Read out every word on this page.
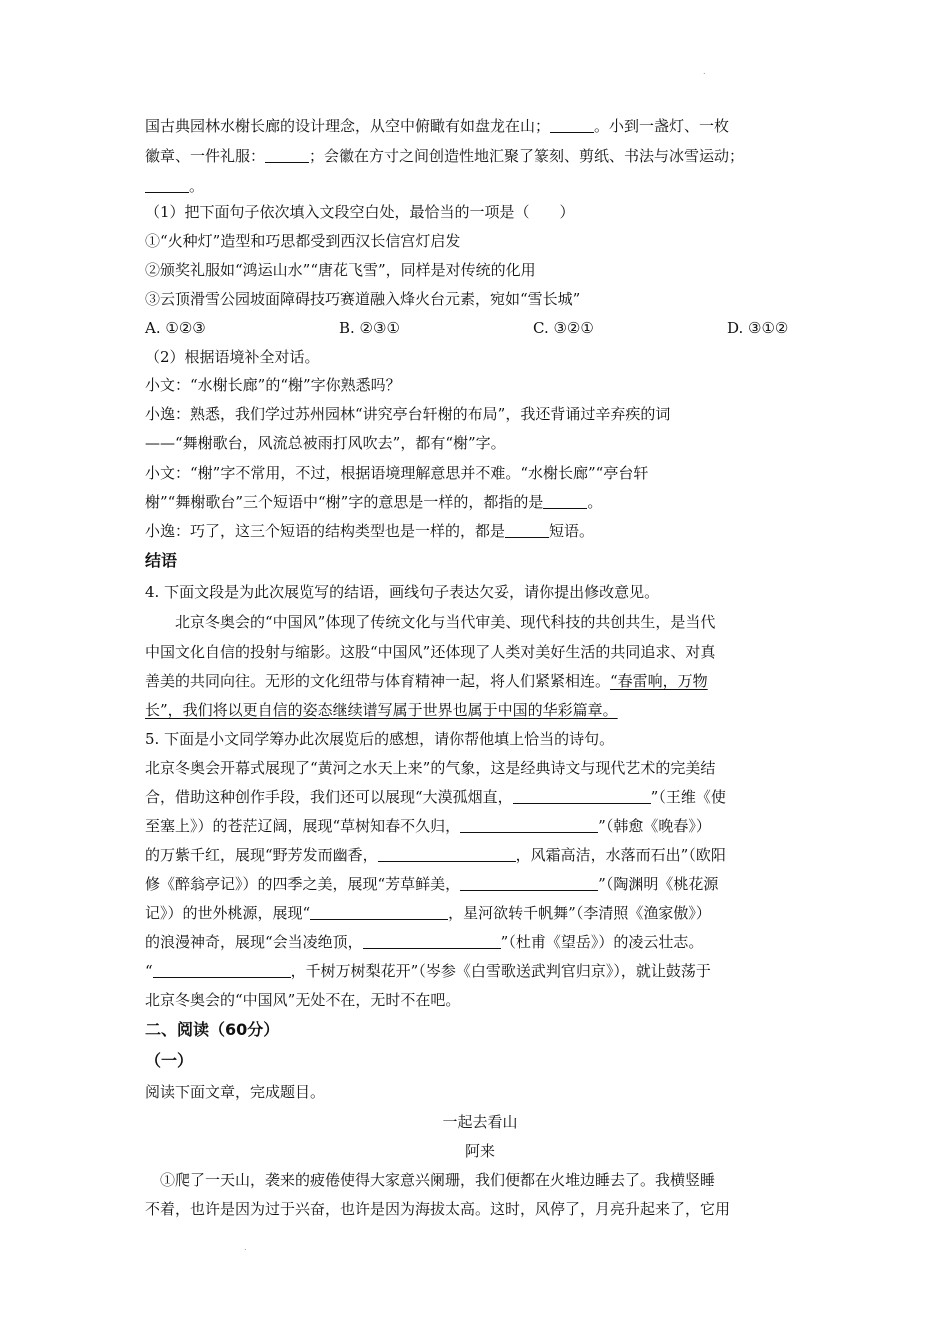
.
国古典园林水榭长廊的设计理念，从空中俯瞰有如盘龙在山；	。小到一盏灯、一枚
徽章、一件礼服：	；会徽在方寸之间创造性地汇聚了篆刻、剪纸、书法与冰雪运动；
。
（1）把下面句子依次填入文段空白处，最恰当的一项是（　　）
①“火种灯”造型和巧思都受到西汉长信宫灯启发
②颁奖礼服如“鸿运山水”“唐花飞雪”，同样是对传统的化用
③云顶滑雪公园坡面障碍技巧赛道融入烽火台元素，宛如“雪长城”
A. ①②③	B. ②③①	C. ③②①	D. ③①②
（2）根据语境补全对话。
小文：“水榭长廊”的“榭”字你熟悉吗？
小逸：熟悉，我们学过苏州园林“讲究亭台轩榭的布局”，我还背诵过辛弃疾的词
——“舞榭歌台，风流总被雨打风吹去”，都有“榭”字。
小文：“榭”字不常用，不过，根据语境理解意思并不难。“水榭长廊”“亭台轩
榭”“舞榭歌台”三个短语中“榭”字的意思是一样的，都指的是	。
小逸：巧了，这三个短语的结构类型也是一样的，都是	短语。
结语
4. 下面文段是为此次展览写的结语，画线句子表达欠妥，请你提出修改意见。
　　北京冬奥会的“中国风”体现了传统文化与当代审美、现代科技的共创共生，是当代
中国文化自信的投射与缩影。这股“中国风”还体现了人类对美好生活的共同追求、对真
善美的共同向往。无形的文化纽带与体育精神一起，将人们紧紧相连。“春雷响，万物
长”，我们将以更自信的姿态继续谱写属于世界也属于中国的华彩篇章。
5. 下面是小文同学筹办此次展览后的感想，请你帮他填上恰当的诗句。
北京冬奥会开幕式展现了“黄河之水天上来”的气象，这是经典诗文与现代艺术的完美结
合，借助这种创作手段，我们还可以展现“大漠孤烟直，	”（王维《使
至塞上》）的苍茫辽阔，展现“草树知春不久归，	”（韩愈《晚春》）
的万紫千红，展现“野芳发而幽香，	，风霜高洁，水落而石出”（欧阳
修《醉翁亭记》）的四季之美，展现“芳草鲜美，	”（陶渊明《桃花源
记》）的世外桃源，展现“	，星河欲转千帆舞”（李清照《渔家傲》）
的浪漫神奇，展现“会当凌绝顶，	”（杜甫《望岳》）的凌云壮志。
“	，千树万树梨花开”（岑参《白雪歌送武判官归京》），就让鼓荡于
北京冬奥会的“中国风”无处不在，无时不在吧。
二、阅读（60分）
（一）
阅读下面文章，完成题目。
一起去看山
阿来
　①爬了一天山，袭来的疲倦使得大家意兴阑珊，我们便都在火堆边睡去了。我横竖睡
不着，也许是因为过于兴奋，也许是因为海拔太高。这时，风停了，月亮升起来了，它用
.
